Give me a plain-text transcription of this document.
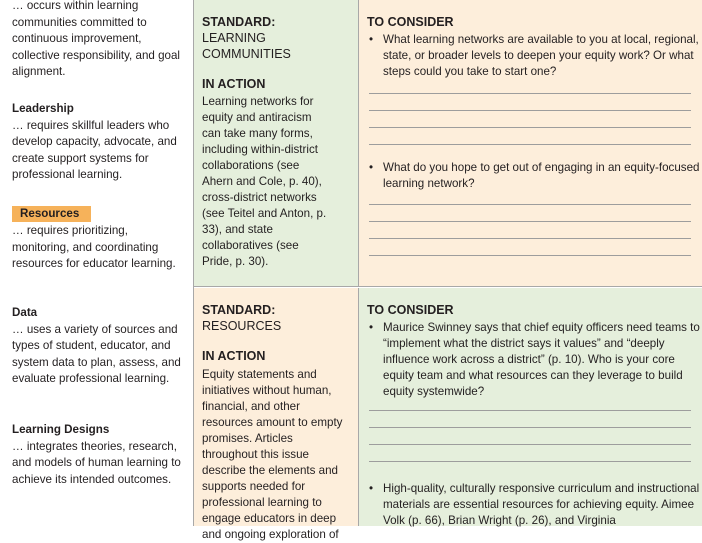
… occurs within learning communities committed to continuous improvement, collective responsibility, and goal alignment.
Leadership
… requires skillful leaders who develop capacity, advocate, and create support systems for professional learning.
Resources
… requires prioritizing, monitoring, and coordinating resources for educator learning.
Data
… uses a variety of sources and types of student, educator, and system data to plan, assess, and evaluate professional learning.
Learning Designs
… integrates theories, research, and models of human learning to achieve its intended outcomes.
STANDARD:
LEARNING COMMUNITIES
IN ACTION
Learning networks for equity and antiracism can take many forms, including within-district collaborations (see Ahern and Cole, p. 40), cross-district networks (see Teitel and Anton, p. 33), and state collaboratives (see Pride, p. 30).
TO CONSIDER
• What learning networks are available to you at local, regional, state, or broader levels to deepen your equity work? Or what steps could you take to start one?
• What do you hope to get out of engaging in an equity-focused learning network?
STANDARD:
RESOURCES
IN ACTION
Equity statements and initiatives without human, financial, and other resources amount to empty promises. Articles throughout this issue describe the elements and supports needed for professional learning to engage educators in deep and ongoing exploration of
TO CONSIDER
• Maurice Swinney says that chief equity officers need teams to “implement what the district says it values” and “deeply influence work across a district” (p. 10). Who is your core equity team and what resources can they leverage to build equity systemwide?
• High-quality, culturally responsive curriculum and instructional materials are essential resources for achieving equity. Aimee Volk (p. 66), Brian Wright (p. 26), and Virginia
